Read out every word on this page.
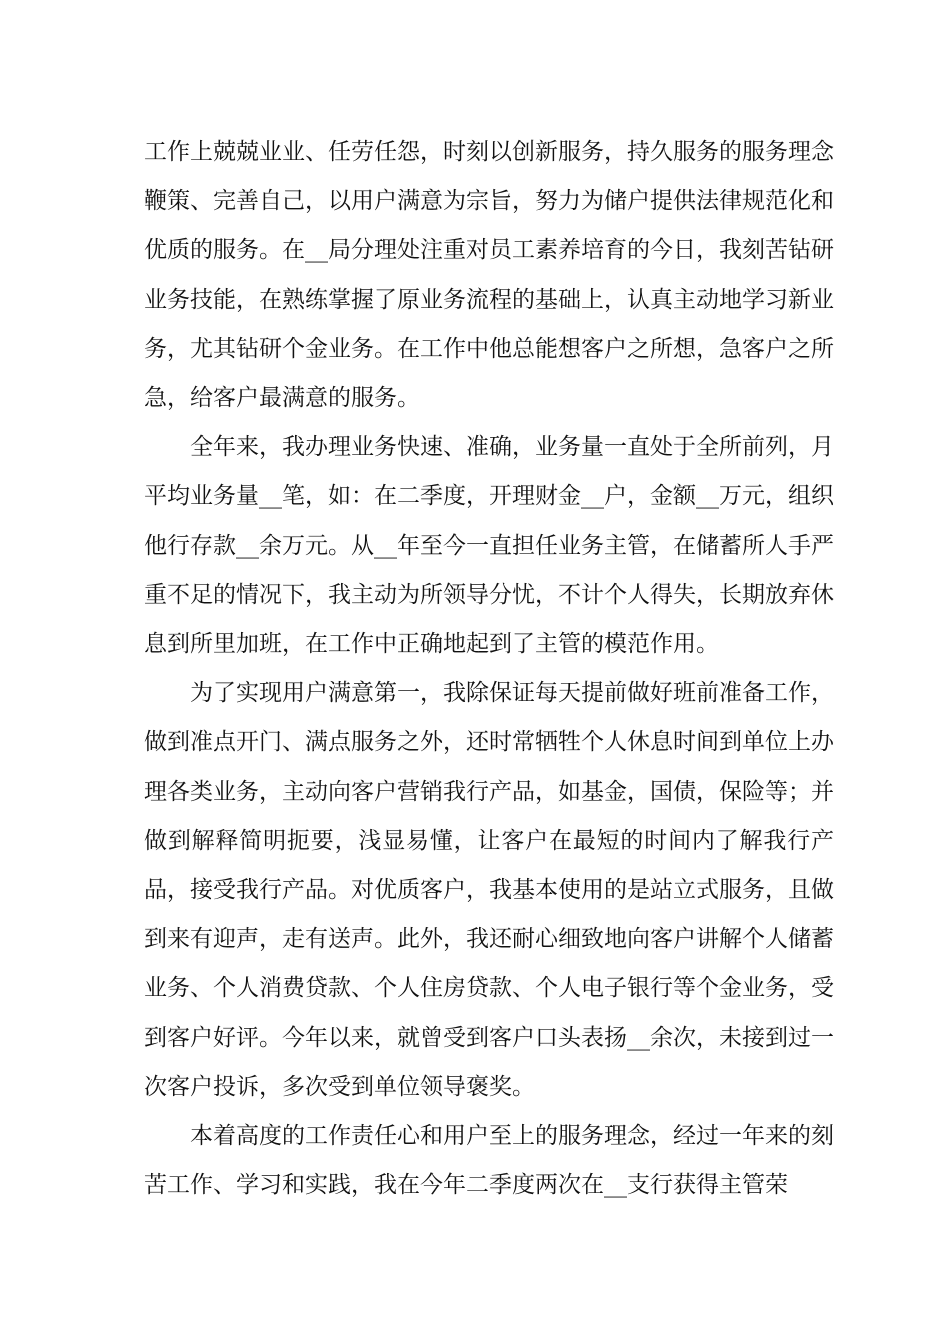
工作上兢兢业业、任劳任怨，时刻以创新服务，持久服务的服务理念鞭策、完善自己，以用户满意为宗旨，努力为储户提供法律规范化和优质的服务。在__局分理处注重对员工素养培育的今日，我刻苦钻研业务技能，在熟练掌握了原业务流程的基础上，认真主动地学习新业务，尤其钻研个金业务。在工作中他总能想客户之所想，急客户之所急，给客户最满意的服务。

全年来，我办理业务快速、准确，业务量一直处于全所前列，月平均业务量__笔，如：在二季度，开理财金__户，金额__万元，组织他行存款__余万元。从__年至今一直担任业务主管，在储蓄所人手严重不足的情况下，我主动为所领导分忧，不计个人得失，长期放弃休息到所里加班，在工作中正确地起到了主管的模范作用。

为了实现用户满意第一，我除保证每天提前做好班前准备工作，做到准点开门、满点服务之外，还时常牺牲个人休息时间到单位上办理各类业务，主动向客户营销我行产品，如基金，国债，保险等；并做到解释简明扼要，浅显易懂，让客户在最短的时间内了解我行产品，接受我行产品。对优质客户，我基本使用的是站立式服务，且做到来有迎声，走有送声。此外，我还耐心细致地向客户讲解个人储蓄业务、个人消费贷款、个人住房贷款、个人电子银行等个金业务，受到客户好评。今年以来，就曾受到客户口头表扬__余次，未接到过一次客户投诉，多次受到单位领导褒奖。

本着高度的工作责任心和用户至上的服务理念，经过一年来的刻苦工作、学习和实践，我在今年二季度两次在__支行获得主管荣
